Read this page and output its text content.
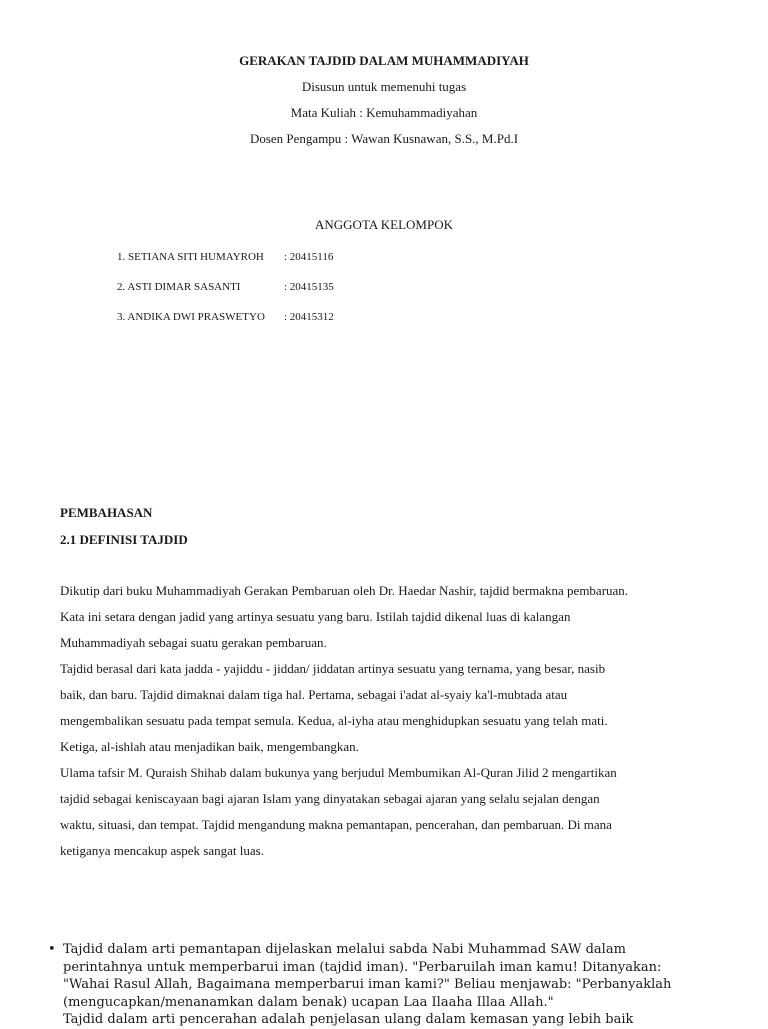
GERAKAN TAJDID DALAM MUHAMMADIYAH
Disusun untuk memenuhi tugas
Mata Kuliah : Kemuhammadiyahan
Dosen Pengampu : Wawan Kusnawan, S.S., M.Pd.I
ANGGOTA KELOMPOK
1. SETIANA SITI HUMAYROH : 20415116
2. ASTI DIMAR SASANTI	: 20415135
3. ANDIKA DWI PRASWETYO : 20415312
PEMBAHASAN
2.1 DEFINISI TAJDID
Dikutip dari buku Muhammadiyah Gerakan Pembaruan oleh Dr. Haedar Nashir, tajdid bermakna pembaruan.
Kata ini setara dengan jadid yang artinya sesuatu yang baru. Istilah tajdid dikenal luas di kalangan
Muhammadiyah sebagai suatu gerakan pembaruan.
Tajdid berasal dari kata jadda - yajiddu - jiddan/ jiddatan artinya sesuatu yang ternama, yang besar, nasib
baik, dan baru. Tajdid dimaknai dalam tiga hal. Pertama, sebagai i'adat al-syaiy ka'l-mubtada atau
mengembalikan sesuatu pada tempat semula. Kedua, al-iyha atau menghidupkan sesuatu yang telah mati.
Ketiga, al-ishlah atau menjadikan baik, mengembangkan.
Ulama tafsir M. Quraish Shihab dalam bukunya yang berjudul Membumikan Al-Quran Jilid 2 mengartikan
tajdid sebagai keniscayaan bagi ajaran Islam yang dinyatakan sebagai ajaran yang selalu sejalan dengan
waktu, situasi, dan tempat. Tajdid mengandung makna pemantapan, pencerahan, dan pembaruan. Di mana
ketiganya mencakup aspek sangat luas.
• Tajdid dalam arti pemantapan dijelaskan melalui sabda Nabi Muhammad SAW dalam
perintahnya untuk memperbarui iman (tajdid iman). "Perbaruilah iman kamu! Ditanyakan:
"Wahai Rasul Allah, Bagaimana memperbarui iman kami?" Beliau menjawab: "Perbanyaklah
(mengucapkan/menanamkan dalam benak) ucapan Laa Ilaaha Illaa Allah."
Tajdid dalam arti pencerahan adalah penjelasan ulang dalam kemasan yang lebih baik
